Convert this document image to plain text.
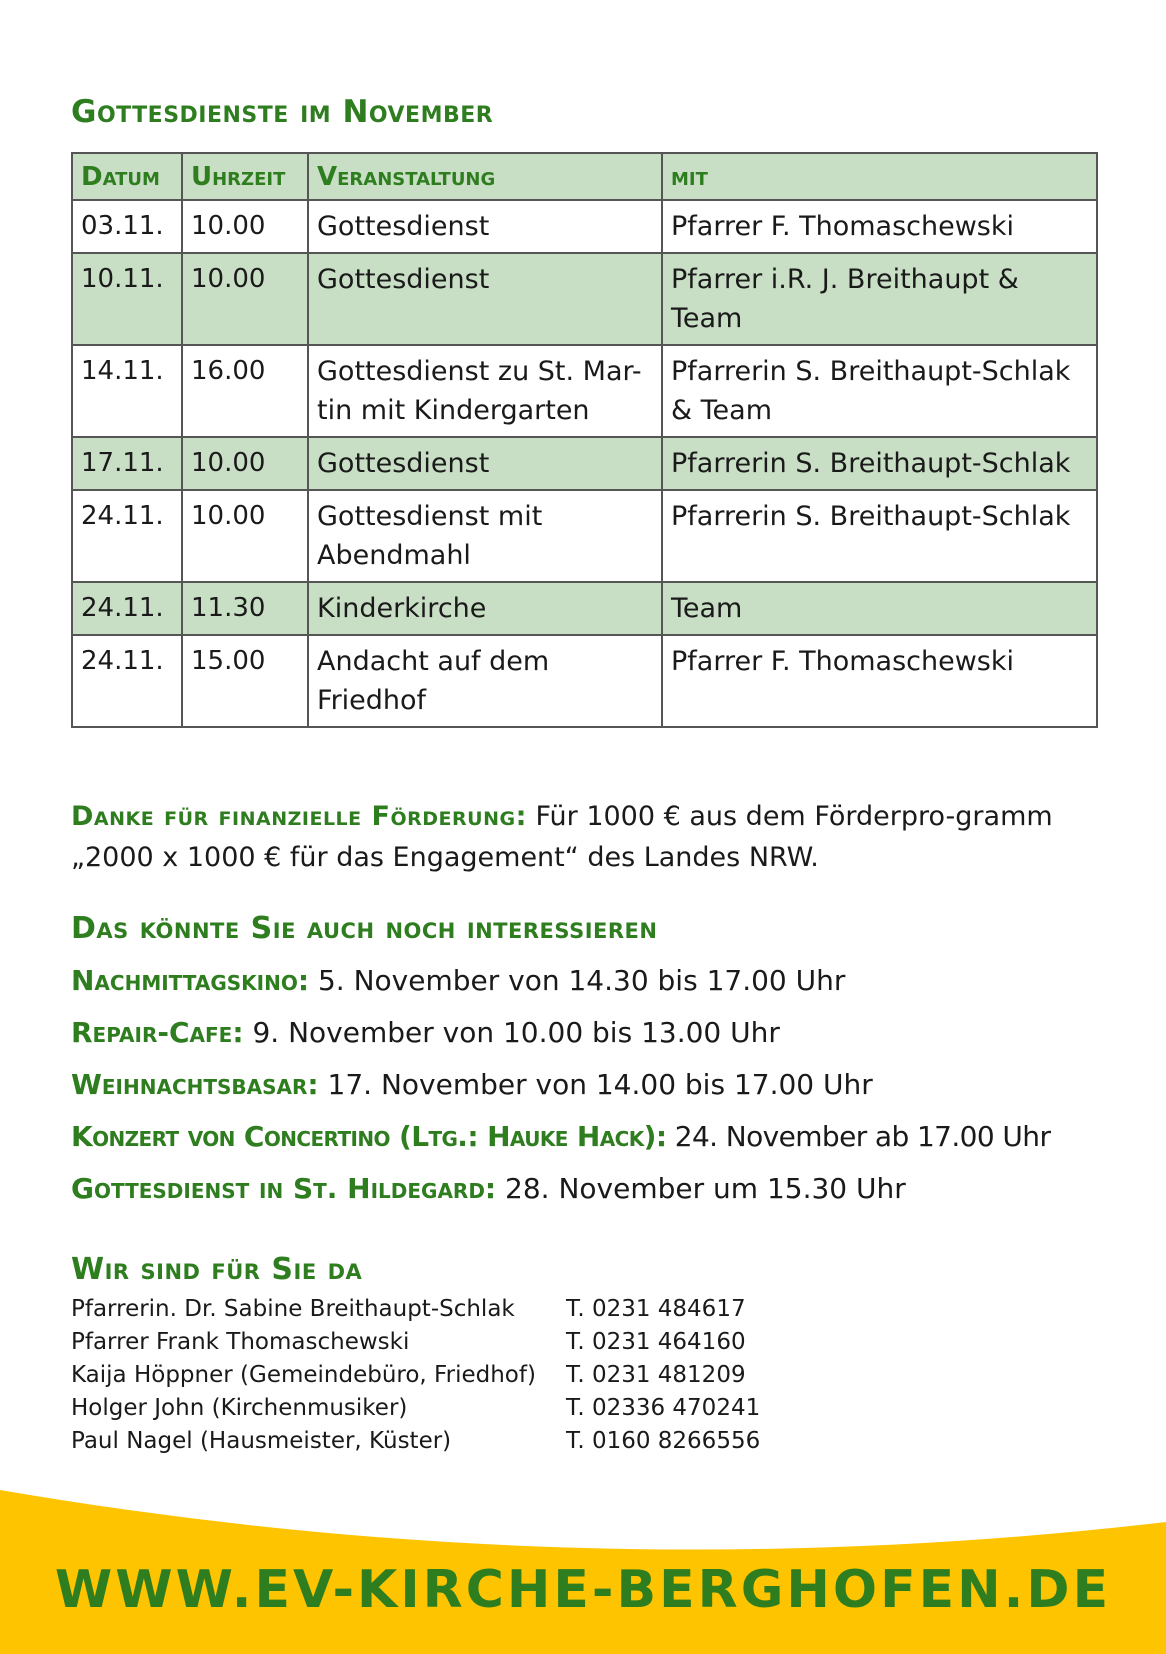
Gottesdienste im November
Datum	Uhrzeit	Veranstaltung	mit
03.11.	10.00	Gottesdienst	Pfarrer F. Thomaschewski
10.11.	10.00	Gottesdienst	Pfarrer i.R. J. Breithaupt & Team
14.11.	16.00	Gottesdienst zu St. Mar-tin mit Kindergarten	Pfarrerin S. Breithaupt-Schlak & Team
17.11.	10.00	Gottesdienst	Pfarrerin S. Breithaupt-Schlak
24.11.	10.00	Gottesdienst mit Abendmahl	Pfarrerin S. Breithaupt-Schlak
24.11.	11.30	Kinderkirche	Team
24.11.	15.00	Andacht auf dem Friedhof	Pfarrer F. Thomaschewski

Danke für finanzielle Förderung: Für 1000 € aus dem Förderpro-gramm „2000 x 1000 € für das Engagement“ des Landes NRW.

Das könnte Sie auch noch interessieren

Nachmittagskino: 5. November von 14.30 bis 17.00 Uhr

Repair-Cafe: 9. November von 10.00 bis 13.00 Uhr

Weihnachtsbasar: 17. November von 14.00 bis 17.00 Uhr

Konzert von Concertino (Ltg.: Hauke Hack): 24. November ab 17.00 Uhr

Gottesdienst in St. Hildegard: 28. November um 15.30 Uhr

Wir sind für Sie da
Pfarrerin. Dr. Sabine Breithaupt-Schlak T. 0231 484617
Pfarrer Frank Thomaschewski	T. 0231 464160
Kaija Höppner (Gemeindebüro, Friedhof) T. 0231 481209
Holger John (Kirchenmusiker)	T. 02336 470241
Paul Nagel (Hausmeister, Küster)	T. 0160 8266556

WWW.EV-KIRCHE-BERGHOFEN.DE
